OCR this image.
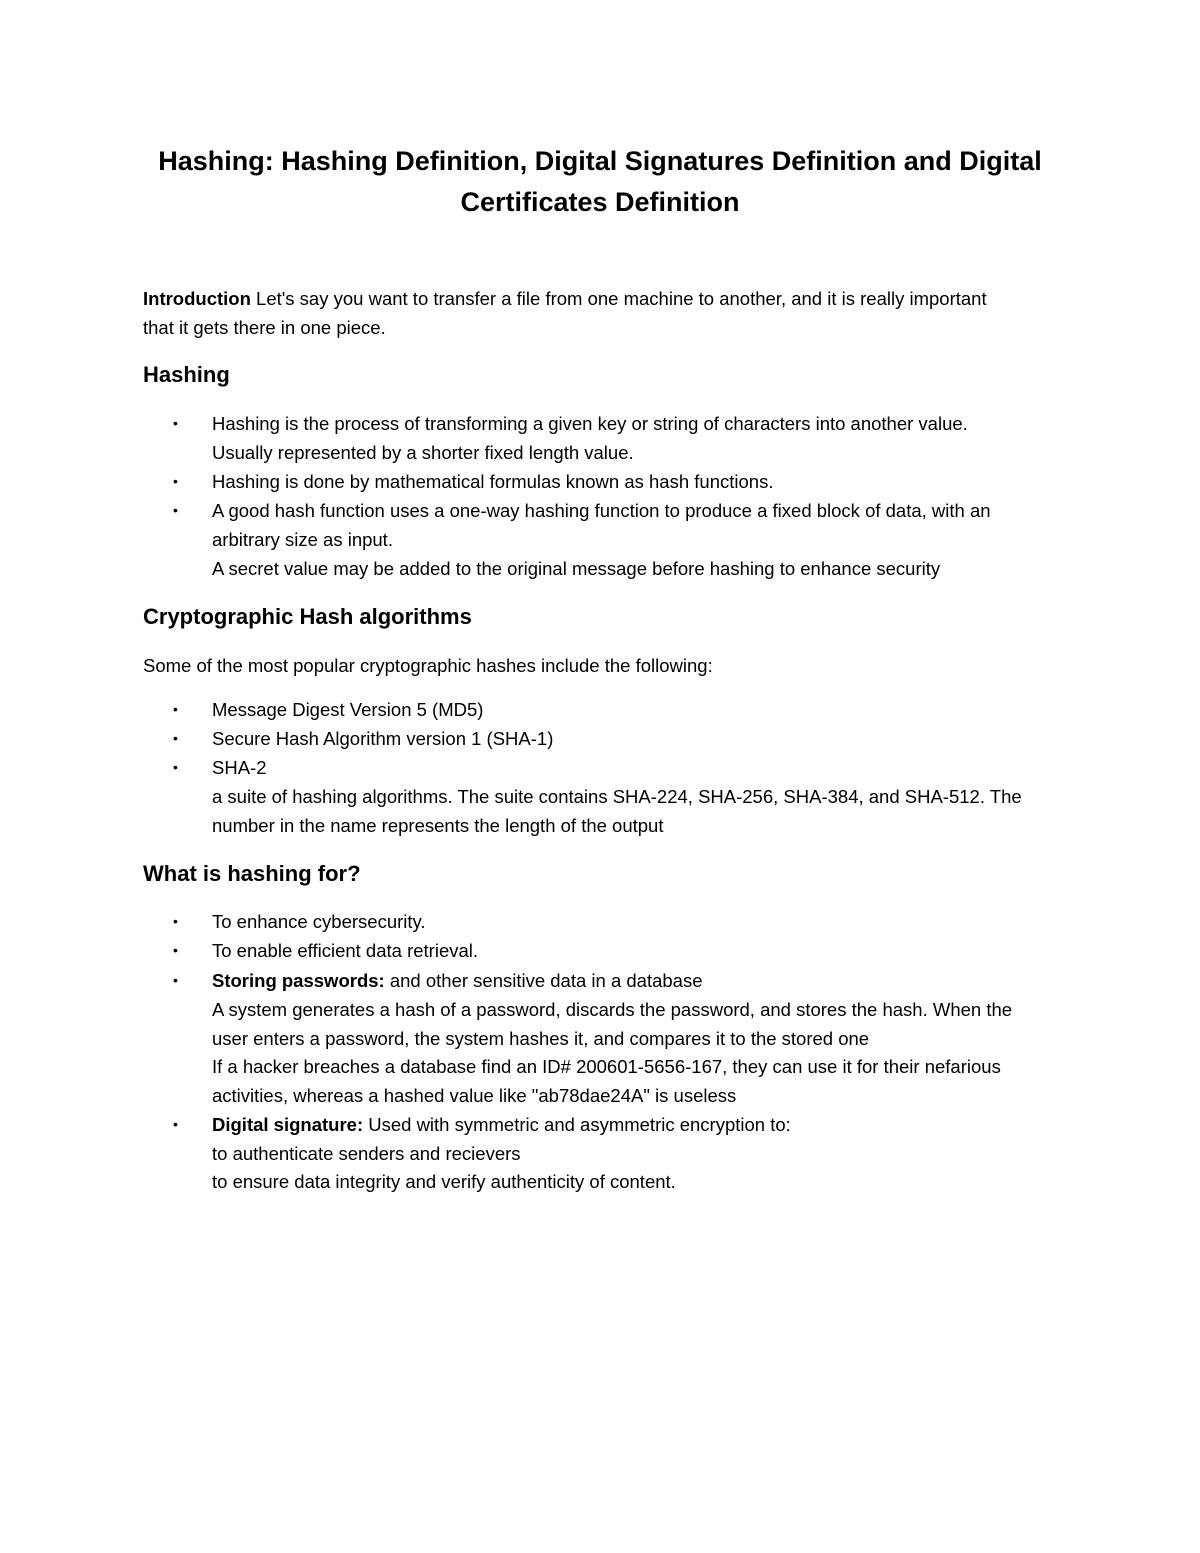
Hashing: Hashing Definition, Digital Signatures Definition and Digital
Certificates Definition

Introduction Let's say you want to transfer a file from one machine to another, and it is really important

that it gets there in one piece.

Hashing
• Hashing is the process of transforming a given key or string of characters into another value.

Usually represented by a shorter fixed length value.

• Hashing is done by mathematical formulas known as hash functions.

• A good hash function uses a one-way hashing function to produce a fixed block of data, with an

arbitrary size as input.

A secret value may be added to the original message before hashing to enhance security

Cryptographic Hash algorithms

Some of the most popular cryptographic hashes include the following:

• Message Digest Version 5 (MD5)

• Secure Hash Algorithm version 1 (SHA-1)

• SHA-2

a suite of hashing algorithms. The suite contains SHA-224, SHA-256, SHA-384, and SHA-512. The

number in the name represents the length of the output

What is hashing for?
• To enhance cybersecurity.

• To enable efficient data retrieval.

• Storing passwords: and other sensitive data in a database

A system generates a hash of a password, discards the password, and stores the hash. When the

user enters a password, the system hashes it, and compares it to the stored one

If a hacker breaches a database find an ID# 200601-5656-167, they can use it for their nefarious

activities, whereas a hashed value like "ab78dae24A" is useless

• Digital signature: Used with symmetric and asymmetric encryption to:

to authenticate senders and recievers

to ensure data integrity and verify authenticity of content.
